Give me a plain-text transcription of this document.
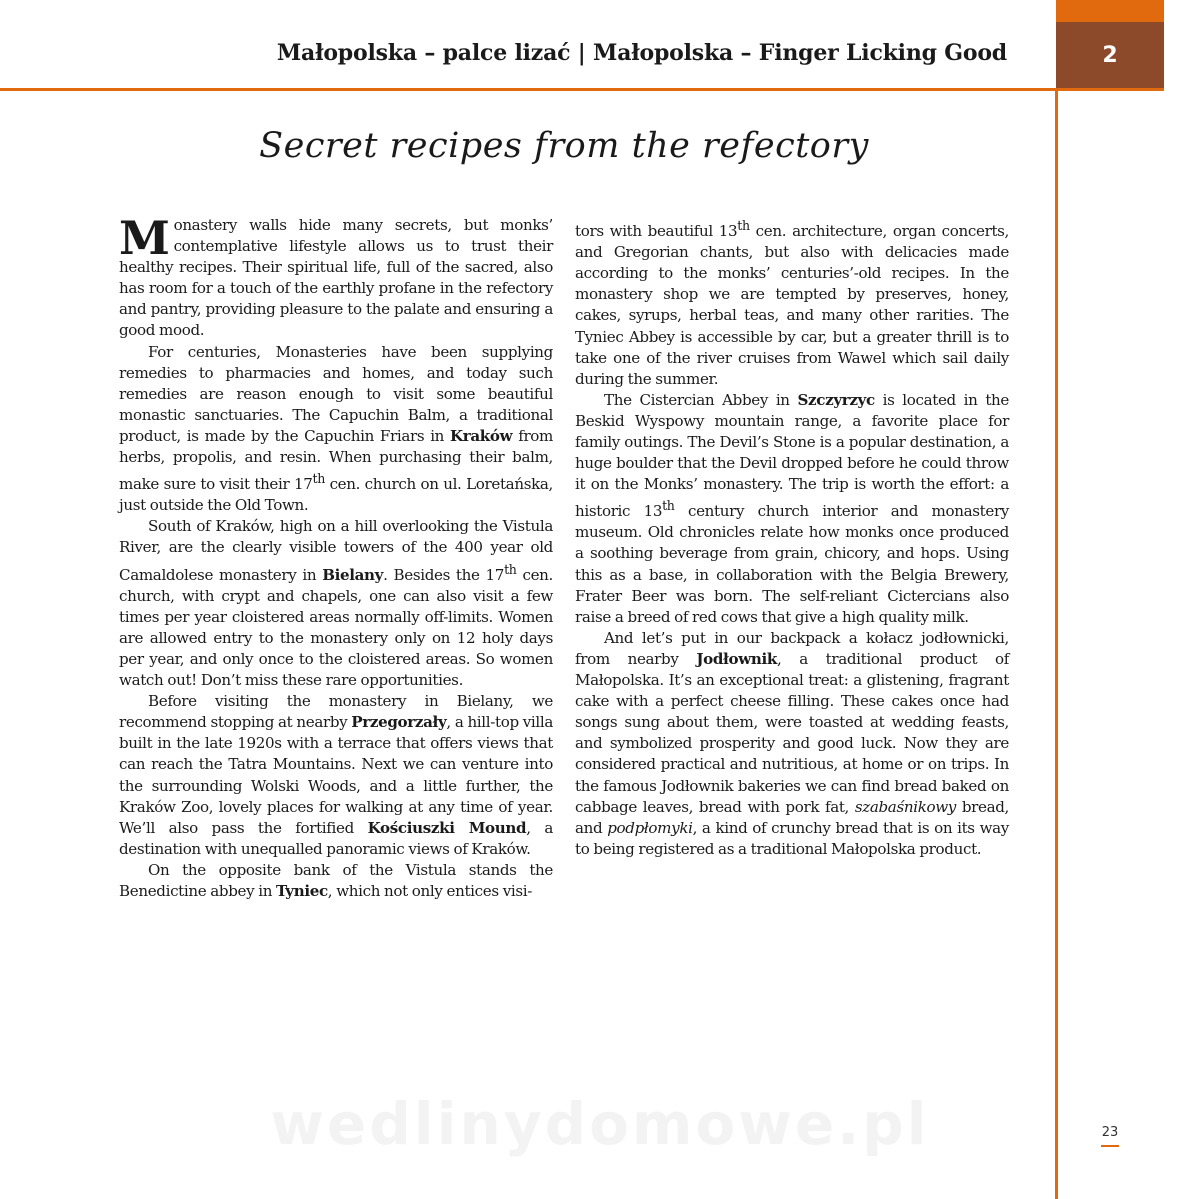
2
Małopolska – palce lizać | Małopolska – Finger Licking Good
Secret recipes from the refectory

Monastery walls hide many secrets, but monks’ contemplative lifestyle allows us to trust their healthy recipes. Their spiritual life, full of the sacred, also has room for a touch of the earthly profane in the refectory and pantry, providing pleasure to the palate and ensuring a good mood.

For centuries, Monasteries have been supplying remedies to pharmacies and homes, and today such remedies are reason enough to visit some beautiful monastic sanctuaries. The Capuchin Balm, a traditional product, is made by the Capuchin Friars in Kraków from herbs, propolis, and resin. When purchasing their balm, make sure to visit their 17th cen. church on ul. Loretańska, just outside the Old Town.

South of Kraków, high on a hill overlooking the Vistula River, are the clearly visible towers of the 400 year old Camaldolese monastery in Bielany. Besides the 17th cen. church, with crypt and chapels, one can also visit a few times per year cloistered areas normally off-limits. Women are allowed entry to the monastery only on 12 holy days per year, and only once to the cloistered areas. So women watch out! Don’t miss these rare opportunities.

Before visiting the monastery in Bielany, we recommend stopping at nearby Przegorzały, a hill-top villa built in the late 1920s with a terrace that offers views that can reach the Tatra Mountains. Next we can venture into the surrounding Wolski Woods, and a little further, the Kraków Zoo, lovely places for walking at any time of year. We’ll also pass the fortified Kościuszki Mound, a destination with unequalled panoramic views of Kraków.

On the opposite bank of the Vistula stands the Benedictine abbey in Tyniec, which not only entices visi-

tors with beautiful 13th cen. architecture, organ concerts, and Gregorian chants, but also with delicacies made according to the monks’ centuries’-old recipes. In the monastery shop we are tempted by preserves, honey, cakes, syrups, herbal teas, and many other rarities. The Tyniec Abbey is accessible by car, but a greater thrill is to take one of the river cruises from Wawel which sail daily during the summer.

The Cistercian Abbey in Szczyrzyc is located in the Beskid Wyspowy mountain range, a favorite place for family outings. The Devil’s Stone is a popular destination, a huge boulder that the Devil dropped before he could throw it on the Monks’ monastery. The trip is worth the effort: a historic 13th century church interior and monastery museum. Old chronicles relate how monks once produced a soothing beverage from grain, chicory, and hops. Using this as a base, in collaboration with the Belgia Brewery, Frater Beer was born. The self-reliant Cictercians also raise a breed of red cows that give a high quality milk.

And let’s put in our backpack a kołacz jodłownicki, from nearby Jodłownik, a traditional product of Małopolska. It’s an exceptional treat: a glistening, fragrant cake with a perfect cheese filling. These cakes once had songs sung about them, were toasted at wedding feasts, and symbolized prosperity and good luck. Now they are considered practical and nutritious, at home or on trips. In the famous Jodłownik bakeries we can find bread baked on cabbage leaves, bread with pork fat, szabaśnikowy bread, and podpłomyki, a kind of crunchy bread that is on its way to being registered as a traditional Małopolska product.

wedlinydomowe.pl	23
